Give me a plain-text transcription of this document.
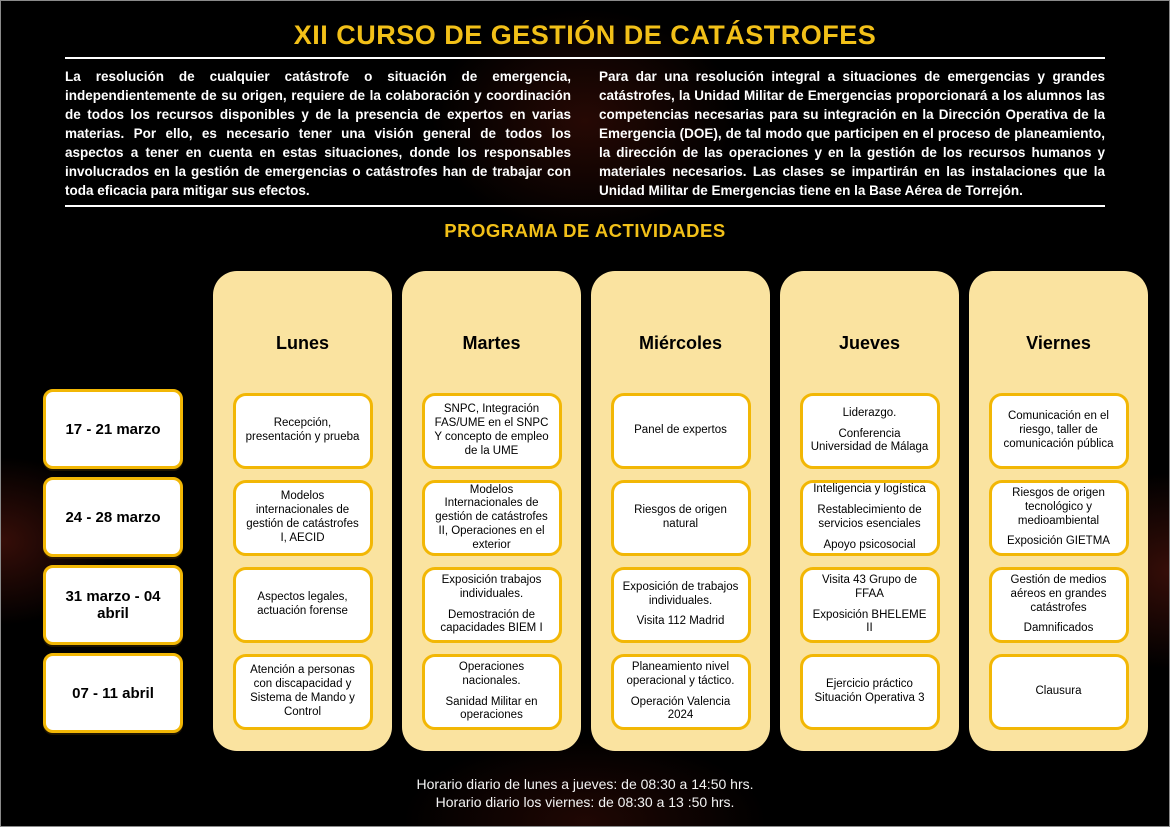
XII CURSO DE GESTIÓN DE CATÁSTROFES
La resolución de cualquier catástrofe o situación de emergencia, independientemente de su origen, requiere de la colaboración y coordinación de todos los recursos disponibles y de la presencia de expertos en varias materias. Por ello, es necesario tener una visión general de todos los aspectos a tener en cuenta en estas situaciones, donde los responsables involucrados en la gestión de emergencias o catástrofes han de trabajar con toda eficacia para mitigar sus efectos.
Para dar una resolución integral a situaciones de emergencias y grandes catástrofes, la Unidad Militar de Emergencias proporcionará a los alumnos las competencias necesarias para su integración en la Dirección Operativa de la Emergencia (DOE), de tal modo que participen en el proceso de planeamiento, la dirección de las operaciones y en la gestión de los recursos humanos y materiales necesarios. Las clases se impartirán en las instalaciones que la Unidad Militar de Emergencias tiene en la Base Aérea de Torrejón.
PROGRAMA DE ACTIVIDADES
17 - 21 marzo
24 - 28 marzo
31 marzo - 04 abril
07 - 11 abril
Lunes
Recepción, presentación y prueba
Modelos internacionales de gestión de catástrofes I, AECID
Aspectos legales, actuación forense
Atención a personas con discapacidad y Sistema de Mando y Control
Martes
SNPC, Integración FAS/UME en el SNPC Y concepto de empleo de la UME
Modelos Internacionales de gestión de catástrofes II, Operaciones en el exterior
Exposición trabajos individuales.
Demostración de capacidades BIEM I
Operaciones nacionales.
Sanidad Militar en operaciones
Miércoles
Panel de expertos
Riesgos de origen natural
Exposición de trabajos individuales.
Visita 112 Madrid
Planeamiento nivel operacional y táctico.
Operación Valencia 2024
Jueves
Liderazgo.
Conferencia Universidad de Málaga
Inteligencia y logística
Restablecimiento de servicios esenciales
Apoyo psicosocial
Visita 43 Grupo de FFAA
Exposición BHELEME II
Ejercicio práctico Situación Operativa 3
Viernes
Comunicación en el riesgo, taller de comunicación pública
Riesgos de origen tecnológico y medioambiental
Exposición GIETMA
Gestión de medios aéreos en grandes catástrofes
Damnificados
Clausura
Horario diario de lunes a jueves: de 08:30 a 14:50 hrs.
Horario diario los viernes: de 08:30 a 13 :50 hrs.
